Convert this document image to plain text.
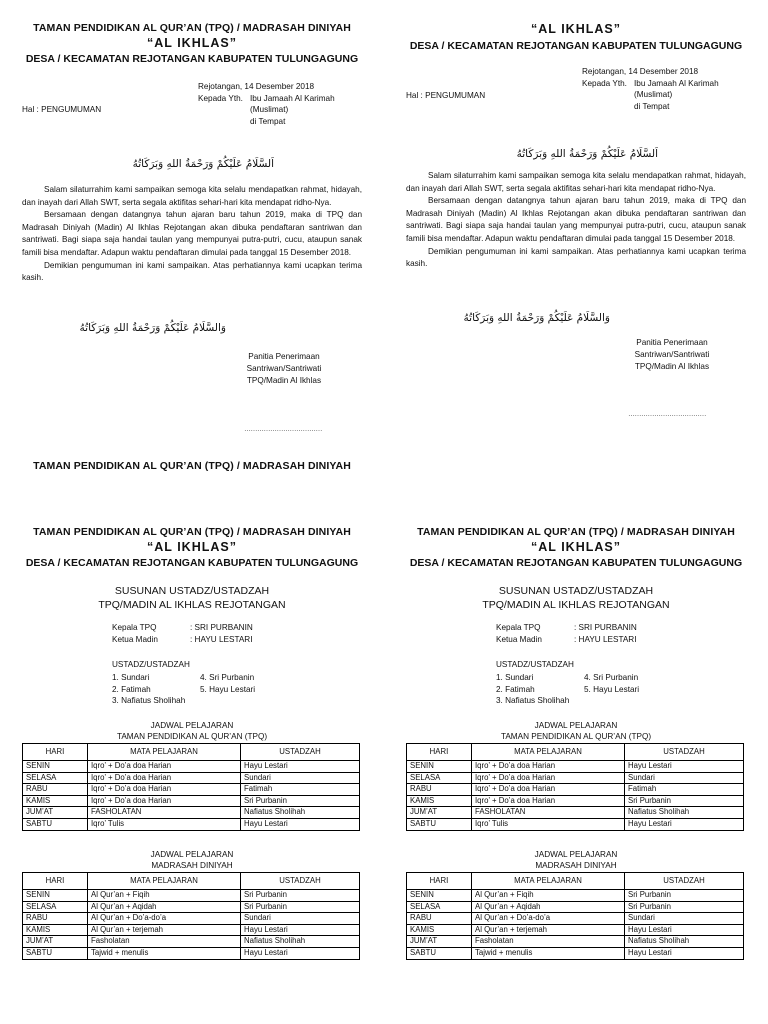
TAMAN PENDIDIKAN AL QUR’AN (TPQ) / MADRASAH DINIYAH
“AL IKHLAS”
DESA / KECAMATAN REJOTANGAN KABUPATEN TULUNGAGUNG
Rejotangan, 14 Desember 2018
Kepada Yth. Ibu Jamaah Al Karimah
(Muslimat)
di Tempat
Hal : PENGUMUMAN
اَلسَّلَامُ عَلَيْكُمْ وَرَحْمَةُ اللهِ وَبَرَكَاتُهُ

Salam silaturrahim kami sampaikan semoga kita selalu mendapatkan rahmat, hidayah, dan inayah dari Allah SWT, serta segala aktifitas sehari-hari kita mendapat ridho-Nya.

Bersamaan dengan datangnya tahun ajaran baru tahun 2019, maka di TPQ dan Madrasah Diniyah (Madin) Al Ikhlas Rejotangan akan dibuka pendaftaran santriwan dan santriwati. Bagi siapa saja handai taulan yang mempunyai putra-putri, cucu, ataupun sanak famili bisa mendaftar. Adapun waktu pendaftaran dimulai pada tanggal 15 Desember 2018.

Demikian pengumuman ini kami sampaikan. Atas perhatiannya kami ucapkan terima kasih.

وَالسَّلَامُ عَلَيْكُمْ وَرَحْمَةُ اللهِ وَبَرَكَاتُهُ
Panitia Penerimaan
Santriwan/Santriwati
TPQ/Madin Al Ikhlas
………………………………
TAMAN PENDIDIKAN AL QUR’AN (TPQ) / MADRASAH DINIYAH
“AL IKHLAS”
DESA / KECAMATAN REJOTANGAN KABUPATEN TULUNGAGUNG
Rejotangan, 14 Desember 2018
Kepada Yth. Ibu Jamaah Al Karimah
(Muslimat)
di Tempat
Hal : PENGUMUMAN
اَلسَّلَامُ عَلَيْكُمْ وَرَحْمَةُ اللهِ وَبَرَكَاتُهُ

Salam silaturrahim kami sampaikan semoga kita selalu mendapatkan rahmat, hidayah, dan inayah dari Allah SWT, serta segala aktifitas sehari-hari kita mendapat ridho-Nya.

Bersamaan dengan datangnya tahun ajaran baru tahun 2019, maka di TPQ dan Madrasah Diniyah (Madin) Al Ikhlas Rejotangan akan dibuka pendaftaran santriwan dan santriwati. Bagi siapa saja handai taulan yang mempunyai putra-putri, cucu, ataupun sanak famili bisa mendaftar. Adapun waktu pendaftaran dimulai pada tanggal 15 Desember 2018.

Demikian pengumuman ini kami sampaikan. Atas perhatiannya kami ucapkan terima kasih.

وَالسَّلَامُ عَلَيْكُمْ وَرَحْمَةُ اللهِ وَبَرَكَاتُهُ
Panitia Penerimaan
Santriwan/Santriwati
TPQ/Madin Al Ikhlas
………………………………
TAMAN PENDIDIKAN AL QUR’AN (TPQ) / MADRASAH DINIYAH
“AL IKHLAS”
DESA / KECAMATAN REJOTANGAN KABUPATEN TULUNGAGUNG
SUSUNAN USTADZ/USTADZAH
TPQ/MADIN AL IKHLAS REJOTANGAN
Kepala TPQ	: SRI PURBANIN
Ketua Madin	: HAYU LESTARI
USTADZ/USTADZAH
1. Sundari	4. Sri Purbanin
2. Fatimah	5. Hayu Lestari
3. Nafiatus Sholihah
JADWAL PELAJARAN
TAMAN PENDIDIKAN AL QUR’AN (TPQ)
HARI	MATA PELAJARAN	USTADZAH
SENIN	Iqro’ + Do’a doa Harian	Hayu Lestari
SELASA	Iqro’ + Do’a doa Harian	Sundari
RABU	Iqro’ + Do’a doa Harian	Fatimah
KAMIS	Iqro’ + Do’a doa Harian	Sri Purbanin
JUM’AT	FASHOLATAN	Nafiatus Sholihah
SABTU	Iqro’ Tulis	Hayu Lestari
JADWAL PELAJARAN
MADRASAH DINIYAH
HARI	MATA PELAJARAN	USTADZAH
SENIN	Al Qur’an + Fiqih	Sri Purbanin
SELASA	Al Qur’an + Aqidah	Sri Purbanin
RABU	Al Qur’an + Do’a-do’a	Sundari
KAMIS	Al Qur’an + terjemah	Hayu Lestari
JUM’AT	Fasholatan	Nafiatus Sholihah
SABTU	Tajwid + menulis	Hayu Lestari
TAMAN PENDIDIKAN AL QUR’AN (TPQ) / MADRASAH DINIYAH
“AL IKHLAS”
DESA / KECAMATAN REJOTANGAN KABUPATEN TULUNGAGUNG
SUSUNAN USTADZ/USTADZAH
TPQ/MADIN AL IKHLAS REJOTANGAN
Kepala TPQ	: SRI PURBANIN
Ketua Madin	: HAYU LESTARI
USTADZ/USTADZAH
1. Sundari	4. Sri Purbanin
2. Fatimah	5. Hayu Lestari
3. Nafiatus Sholihah
JADWAL PELAJARAN
TAMAN PENDIDIKAN AL QUR’AN (TPQ)
HARI	MATA PELAJARAN	USTADZAH
SENIN	Iqro’ + Do’a doa Harian	Hayu Lestari
SELASA	Iqro’ + Do’a doa Harian	Sundari
RABU	Iqro’ + Do’a doa Harian	Fatimah
KAMIS	Iqro’ + Do’a doa Harian	Sri Purbanin
JUM’AT	FASHOLATAN	Nafiatus Sholihah
SABTU	Iqro’ Tulis	Hayu Lestari
JADWAL PELAJARAN
MADRASAH DINIYAH
HARI	MATA PELAJARAN	USTADZAH
SENIN	Al Qur’an + Fiqih	Sri Purbanin
SELASA	Al Qur’an + Aqidah	Sri Purbanin
RABU	Al Qur’an + Do’a-do’a	Sundari
KAMIS	Al Qur’an + terjemah	Hayu Lestari
JUM’AT	Fasholatan	Nafiatus Sholihah
SABTU	Tajwid + menulis	Hayu Lestari
